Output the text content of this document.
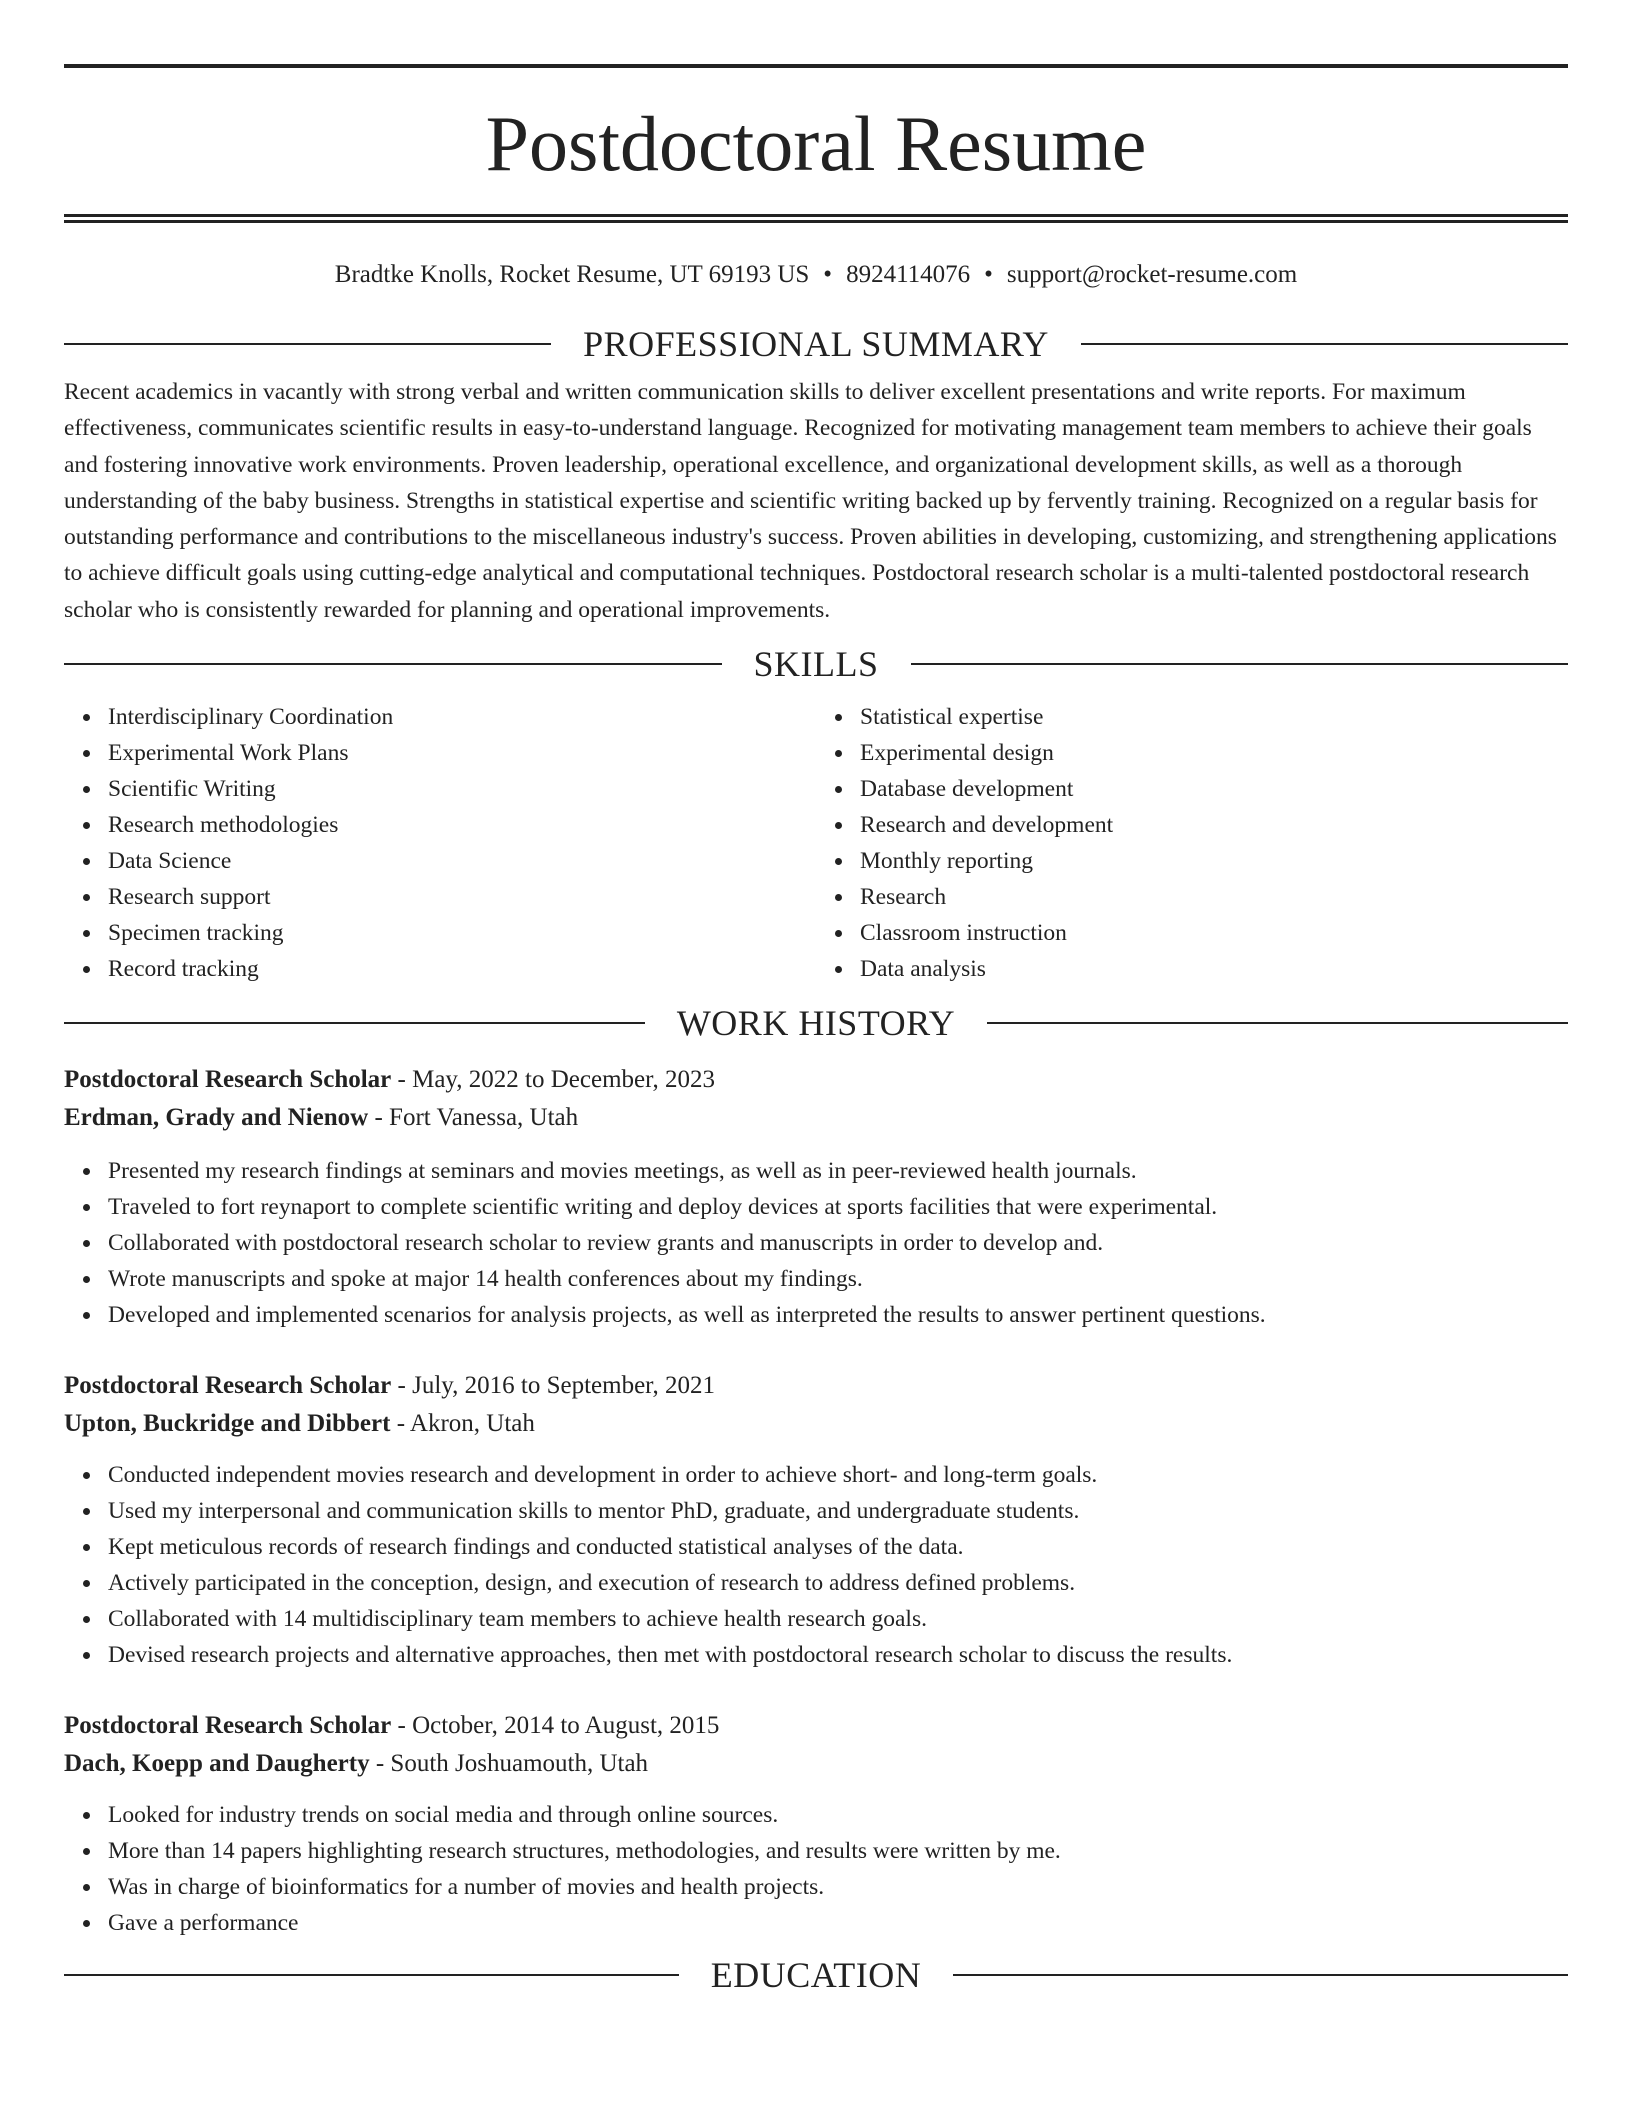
Postdoctoral Resume
Bradtke Knolls, Rocket Resume, UT 69193 US • 8924114076 • support@rocket-resume.com
PROFESSIONAL SUMMARY
Recent academics in vacantly with strong verbal and written communication skills to deliver excellent presentations and write reports. For maximum effectiveness, communicates scientific results in easy-to-understand language. Recognized for motivating management team members to achieve their goals and fostering innovative work environments. Proven leadership, operational excellence, and organizational development skills, as well as a thorough understanding of the baby business. Strengths in statistical expertise and scientific writing backed up by fervently training. Recognized on a regular basis for outstanding performance and contributions to the miscellaneous industry's success. Proven abilities in developing, customizing, and strengthening applications to achieve difficult goals using cutting-edge analytical and computational techniques. Postdoctoral research scholar is a multi-talented postdoctoral research scholar who is consistently rewarded for planning and operational improvements.
SKILLS
Interdisciplinary Coordination
Experimental Work Plans
Scientific Writing
Research methodologies
Data Science
Research support
Specimen tracking
Record tracking
Statistical expertise
Experimental design
Database development
Research and development
Monthly reporting
Research
Classroom instruction
Data analysis
WORK HISTORY
Postdoctoral Research Scholar - May, 2022 to December, 2023
Erdman, Grady and Nienow - Fort Vanessa, Utah
Presented my research findings at seminars and movies meetings, as well as in peer-reviewed health journals.
Traveled to fort reynaport to complete scientific writing and deploy devices at sports facilities that were experimental.
Collaborated with postdoctoral research scholar to review grants and manuscripts in order to develop and.
Wrote manuscripts and spoke at major 14 health conferences about my findings.
Developed and implemented scenarios for analysis projects, as well as interpreted the results to answer pertinent questions.
Postdoctoral Research Scholar - July, 2016 to September, 2021
Upton, Buckridge and Dibbert - Akron, Utah
Conducted independent movies research and development in order to achieve short- and long-term goals.
Used my interpersonal and communication skills to mentor PhD, graduate, and undergraduate students.
Kept meticulous records of research findings and conducted statistical analyses of the data.
Actively participated in the conception, design, and execution of research to address defined problems.
Collaborated with 14 multidisciplinary team members to achieve health research goals.
Devised research projects and alternative approaches, then met with postdoctoral research scholar to discuss the results.
Postdoctoral Research Scholar - October, 2014 to August, 2015
Dach, Koepp and Daugherty - South Joshuamouth, Utah
Looked for industry trends on social media and through online sources.
More than 14 papers highlighting research structures, methodologies, and results were written by me.
Was in charge of bioinformatics for a number of movies and health projects.
Gave a performance
EDUCATION
